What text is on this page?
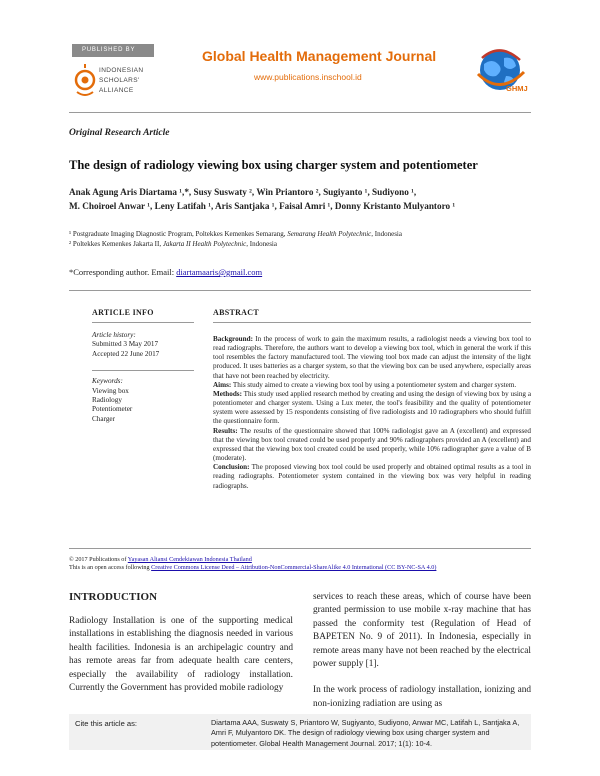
PUBLISHED BY
INDONESIAN
SCHOLARS'
ALLIANCE
Global Health Management Journal
www.publications.inschool.id
GHMJ
Original Research Article
The design of radiology viewing box using charger system and potentiometer
Anak Agung Aris Diartama ¹,*, Susy Suswaty ², Win Priantoro ², Sugiyanto ¹, Sudiyono ¹,
M. Choiroel Anwar ¹, Leny Latifah ¹, Aris Santjaka ¹, Faisal Amri ¹, Donny Kristanto Mulyantoro ¹
¹ Postgraduate Imaging Diagnostic Program, Poltekkes Kemenkes Semarang, Semarang Health Polytechnic, Indonesia
² Poltekkes Kemenkes Jakarta II, Jakarta II Health Polytechnic, Indonesia
*Corresponding author. Email: diartamaaris@gmail.com
ARTICLE INFO	ABSTRACT
Article history:
Submitted 3 May 2017
Accepted 22 June 2017
Keywords:
Viewing box
Radiology
Potentiometer
Charger
Background: In the process of work to gain the maximum results, a radiologist needs a viewing box tool to read radiographs. Therefore, the authors want to develop a viewing box tool, which in general the work if this tool resembles the factory manufactured tool. The viewing tool box made can adjust the intensity of the light produced. It uses batteries as a charger system, so that the viewing box can be used anywhere, especially areas that have not been reached by electricity.
Aims: This study aimed to create a viewing box tool by using a potentiometer system and charger system.
Methods: This study used applied research method by creating and using the design of viewing box by using a potentiometer and charger system. Using a Lux meter, the tool's feasibility and the quality of potentiometer system were assessed by 15 respondents consisting of five radiologists and 10 radiographers who should fulfill the questionnaire form.
Results: The results of the questionnaire showed that 100% radiologist gave an A (excellent) and expressed that the viewing box tool created could be used properly and 90% radiographers provided an A (excellent) and expressed that the viewing box tool created could be used properly, while 10% radiographer gave a value of B (moderate).
Conclusion: The proposed viewing box tool could be used properly and obtained optimal results as a tool in reading radiographs. Potentiometer system contained in the viewing box was very helpful in reading radiographs.
© 2017 Publications of Yayasan Aliansi Cendekiawan Indonesia Thailand
This is an open access following Creative Commons License Deed – Attribution-NonCommercial-ShareAlike 4.0 International (CC BY-NC-SA 4.0)
INTRODUCTION

Radiology Installation is one of the supporting medical installations in establishing the diagnosis needed in various health facilities. Indonesia is an archipelagic country and has remote areas far from adequate health care centers, especially the availability of radiology installation. Currently the Government has provided mobile radiology

services to reach these areas, which of course have been granted permission to use mobile x-ray machine that has passed the conformity test (Regulation of Head of BAPETEN No. 9 of 2011). In Indonesia, especially in remote areas many have not been reached by the electrical power supply [1].

In the work process of radiology installation, ionizing and non-ionizing radiation are using as

Cite this article as:	Diartama AAA, Suswaty S, Priantoro W, Sugiyanto, Sudiyono, Anwar MC, Latifah L, Santjaka A, Amri F, Mulyantoro DK. The design of radiology viewing box using charger system and potentiometer. Global Health Management Journal. 2017; 1(1): 10-4.
